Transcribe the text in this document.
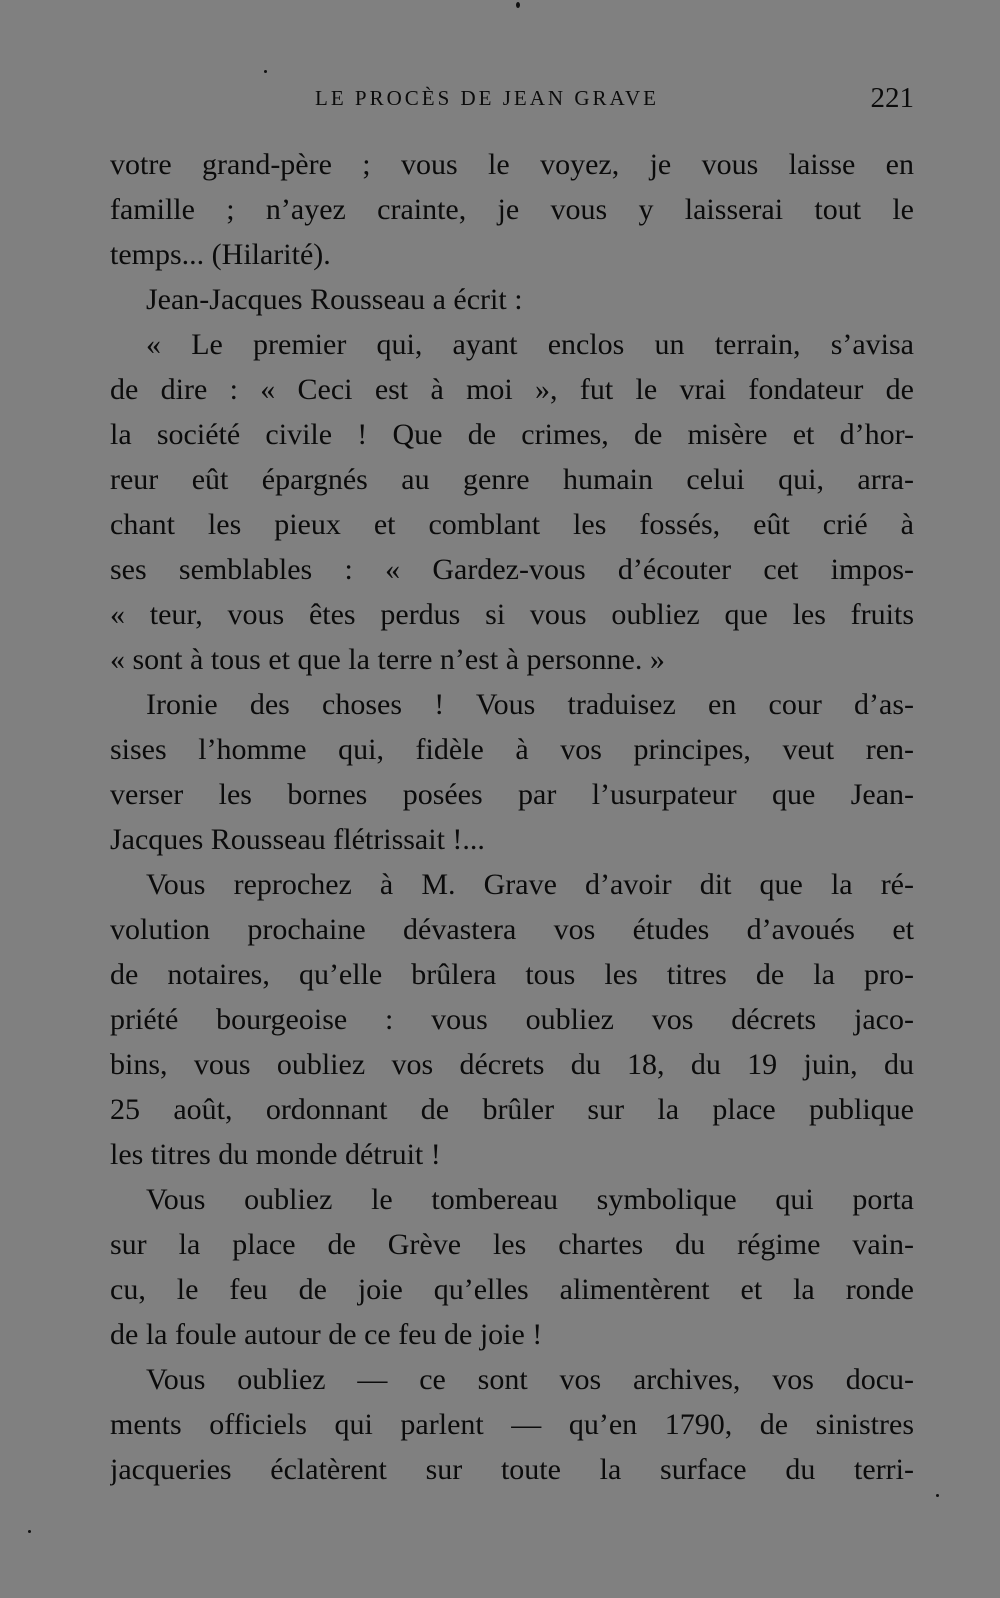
LE PROCÈS DE JEAN GRAVE	221
votre grand-père ; vous le voyez, je vous laisse en
famille ; n’ayez crainte, je vous y laisserai tout le
temps... (Hilarité).
Jean-Jacques Rousseau a écrit :
« Le premier qui, ayant enclos un terrain, s’avisa
de dire : « Ceci est à moi », fut le vrai fondateur de
la société civile ! Que de crimes, de misère et d’hor-
reur eût épargnés au genre humain celui qui, arra-
chant les pieux et comblant les fossés, eût crié à
ses semblables : « Gardez-vous d’écouter cet impos-
« teur, vous êtes perdus si vous oubliez que les fruits
« sont à tous et que la terre n’est à personne. »
Ironie des choses ! Vous traduisez en cour d’as-
sises l’homme qui, fidèle à vos principes, veut ren-
verser les bornes posées par l’usurpateur que Jean-
Jacques Rousseau flétrissait !...
Vous reprochez à M. Grave d’avoir dit que la ré-
volution prochaine dévastera vos études d’avoués et
de notaires, qu’elle brûlera tous les titres de la pro-
priété bourgeoise : vous oubliez vos décrets jaco-
bins, vous oubliez vos décrets du 18, du 19 juin, du
25 août, ordonnant de brûler sur la place publique
les titres du monde détruit !
Vous oubliez le tombereau symbolique qui porta
sur la place de Grève les chartes du régime vain-
cu, le feu de joie qu’elles alimentèrent et la ronde
de la foule autour de ce feu de joie !
Vous oubliez — ce sont vos archives, vos docu-
ments officiels qui parlent — qu’en 1790, de sinistres
jacqueries éclatèrent sur toute la surface du terri-
